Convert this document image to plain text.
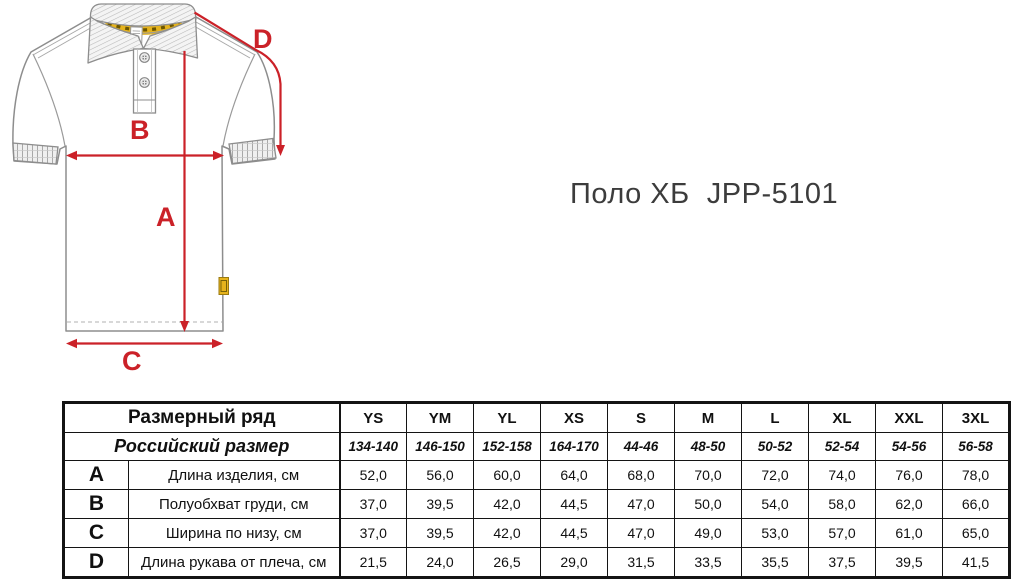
A
B
C
D
Поло ХБ  JPP-5101
Размерный ряд		YS	YM	YL	XS	S	M	L	XL	XXL	3XL
Российский размер		134-140	146-150	152-158	164-170	44-46	48-50	50-52	52-54	54-56	56-58
A	Длина изделия, см	52,0	56,0	60,0	64,0	68,0	70,0	72,0	74,0	76,0	78,0
B	Полуобхват груди, см	37,0	39,5	42,0	44,5	47,0	50,0	54,0	58,0	62,0	66,0
C	Ширина по низу, см	37,0	39,5	42,0	44,5	47,0	49,0	53,0	57,0	61,0	65,0
D	Длина рукава от плеча, см	21,5	24,0	26,5	29,0	31,5	33,5	35,5	37,5	39,5	41,5
